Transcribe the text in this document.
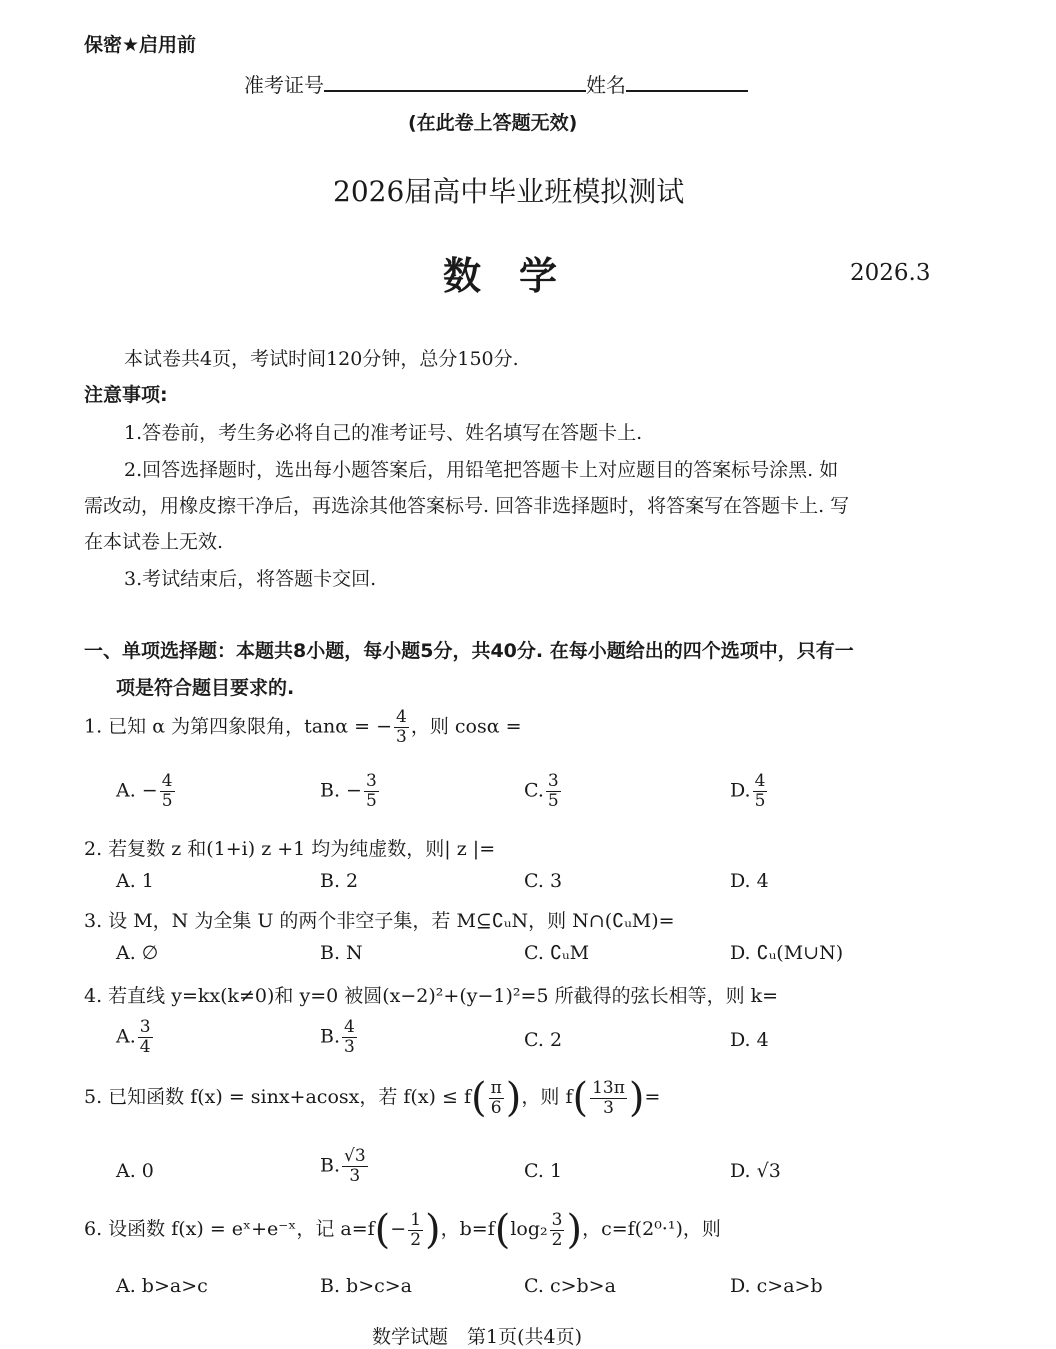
保密★启用前
准考证号	姓名
(在此卷上答题无效)
2026届高中毕业班模拟测试
数　学	2026.3
本试卷共4页，考试时间120分钟，总分150分.
注意事项:
1.答卷前，考生务必将自己的准考证号、姓名填写在答题卡上.
2.回答选择题时，选出每小题答案后，用铅笔把答题卡上对应题目的答案标号涂黑. 如
需改动，用橡皮擦干净后，再选涂其他答案标号. 回答非选择题时，将答案写在答题卡上. 写
在本试卷上无效.
3.考试结束后，将答题卡交回.
一、单项选择题：本题共8小题，每小题5分，共40分. 在每小题给出的四个选项中，只有一
项是符合题目要求的.
1. 已知 α 为第四象限角，tanα = − $\frac{4}{3}$ ，则 cosα =
A. − $\frac{4}{5}$	B. − $\frac{3}{5}$	C. $\frac{3}{5}$	D. $\frac{4}{5}$
2. 若复数 z 和(1+i) z +1 均为纯虚数，则| z |=
A. 1	B. 2	C. 3	D. 4
3. 设 M，N 为全集 U 的两个非空子集，若 M⊆∁ᵤN，则 N∩(∁ᵤM)=
A. ∅	B. N	C. ∁ᵤM	D. ∁ᵤ(M∪N)
4. 若直线 y=kx(k≠0)和 y=0 被圆(x−2)²+(y−1)²=5 所截得的弦长相等，则 k=
A. $\frac{3}{4}$	B. $\frac{4}{3}$	C. 2	D. 4
5. 已知函数 f(x) = sinx+acosx，若 $f(x) \le f( \frac{\pi}{6}$ )，则 $f( \frac{13\pi}{3}$ )=
A. 0	B. $\frac{√3}{3}$	C. 1	D. √3
6. 设函数 f(x) = eˣ+e⁻ˣ，记 $a=f(- \frac{1}{2}$ )，$b=f(\log_2 \frac{3}{2}$ )，c=f(2⁰·¹)，则
A. b>a>c	B. b>c>a	C. c>b>a	D. c>a>b
数学试题　第1页(共4页)
